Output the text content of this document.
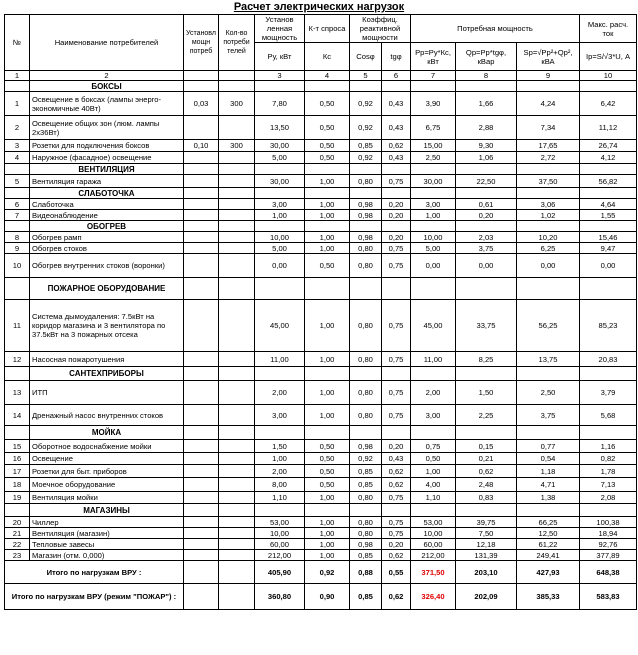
Расчет электрических нагрузок
№	Наименование потребителей	Установл мощн потреб	Кол-во потреби телей	Установ ленная мощность	К-т спроса	Коэффиц. реактивной мощности		Потребная мощность			Макс. расч. ток
				Ру, кВт	Кс	Cosφ	tgφ	Рр=Ру*Кс, кВт	Qр=Рр*tgφ, кВар	Sр=√Рр²+Qр², кВА	Iр=S/√3*U, А
1	2			3	4	5	6	7	8	9	10
	БОКСЫ										
1	Освещение в боксах (лампы энерго-экономичные 40Вт)	0,03	300	7,80	0,50	0,92	0,43	3,90	1,66	4,24	6,42
2	Освещение общих зон (люм. лампы 2х36Вт)			13,50	0,50	0,92	0,43	6,75	2,88	7,34	11,12
3	Розетки для подключения боксов	0,10	300	30,00	0,50	0,85	0,62	15,00	9,30	17,65	26,74
4	Наружное (фасадное) освещение			5,00	0,50	0,92	0,43	2,50	1,06	2,72	4,12
	ВЕНТИЛЯЦИЯ										
5	Вентиляция гаража			30,00	1,00	0,80	0,75	30,00	22,50	37,50	56,82
	СЛАБОТОЧКА										
6	Слаботочка			3,00	1,00	0,98	0,20	3,00	0,61	3,06	4,64
7	Видеонаблюдение			1,00	1,00	0,98	0,20	1,00	0,20	1,02	1,55
	ОБОГРЕВ										
8	Обогрев рамп			10,00	1,00	0,98	0,20	10,00	2,03	10,20	15,46
9	Обогрев стоков			5,00	1,00	0,80	0,75	5,00	3,75	6,25	9,47
10	Обогрев внутренних стоков (воронки)			0,00	0,50	0,80	0,75	0,00	0,00	0,00	0,00
	ПОЖАРНОЕ ОБОРУДОВАНИЕ										
11	Система дымоудаления: 7.5кВт на коридор магазина и 3 вентилятора по 37.5кВт на 3 пожарных отсека			45,00	1,00	0,80	0,75	45,00	33,75	56,25	85,23
12	Насосная пожаротушения			11,00	1,00	0,80	0,75	11,00	8,25	13,75	20,83
	САНТЕХПРИБОРЫ										
13	ИТП			2,00	1,00	0,80	0,75	2,00	1,50	2,50	3,79
14	Дренажный насос внутренних стоков			3,00	1,00	0,80	0,75	3,00	2,25	3,75	5,68
	МОЙКА										
15	Оборотное водоснабжение мойки			1,50	0,50	0,98	0,20	0,75	0,15	0,77	1,16
16	Освещение			1,00	0,50	0,92	0,43	0,50	0,21	0,54	0,82
17	Розетки для быт. приборов			2,00	0,50	0,85	0,62	1,00	0,62	1,18	1,78
18	Моечное оборудование			8,00	0,50	0,85	0,62	4,00	2,48	4,71	7,13
19	Вентиляция мойки			1,10	1,00	0,80	0,75	1,10	0,83	1,38	2,08
	МАГАЗИНЫ										
20	Чиллер			53,00	1,00	0,80	0,75	53,00	39,75	66,25	100,38
21	Вентиляция (магазин)			10,00	1,00	0,80	0,75	10,00	7,50	12,50	18,94
22	Тепловые завесы			60,00	1,00	0,98	0,20	60,00	12,18	61,22	92,76
23	Магазин (отм. 0,000)			212,00	1,00	0,85	0,62	212,00	131,39	249,41	377,89
Итого по нагрузкам ВРУ :				405,90	0,92	0,88	0,55	371,50	203,10	427,93	648,38
Итого по нагрузкам ВРУ (режим "ПОЖАР") :				360,80	0,90	0,85	0,62	326,40	202,09	385,33	583,83
